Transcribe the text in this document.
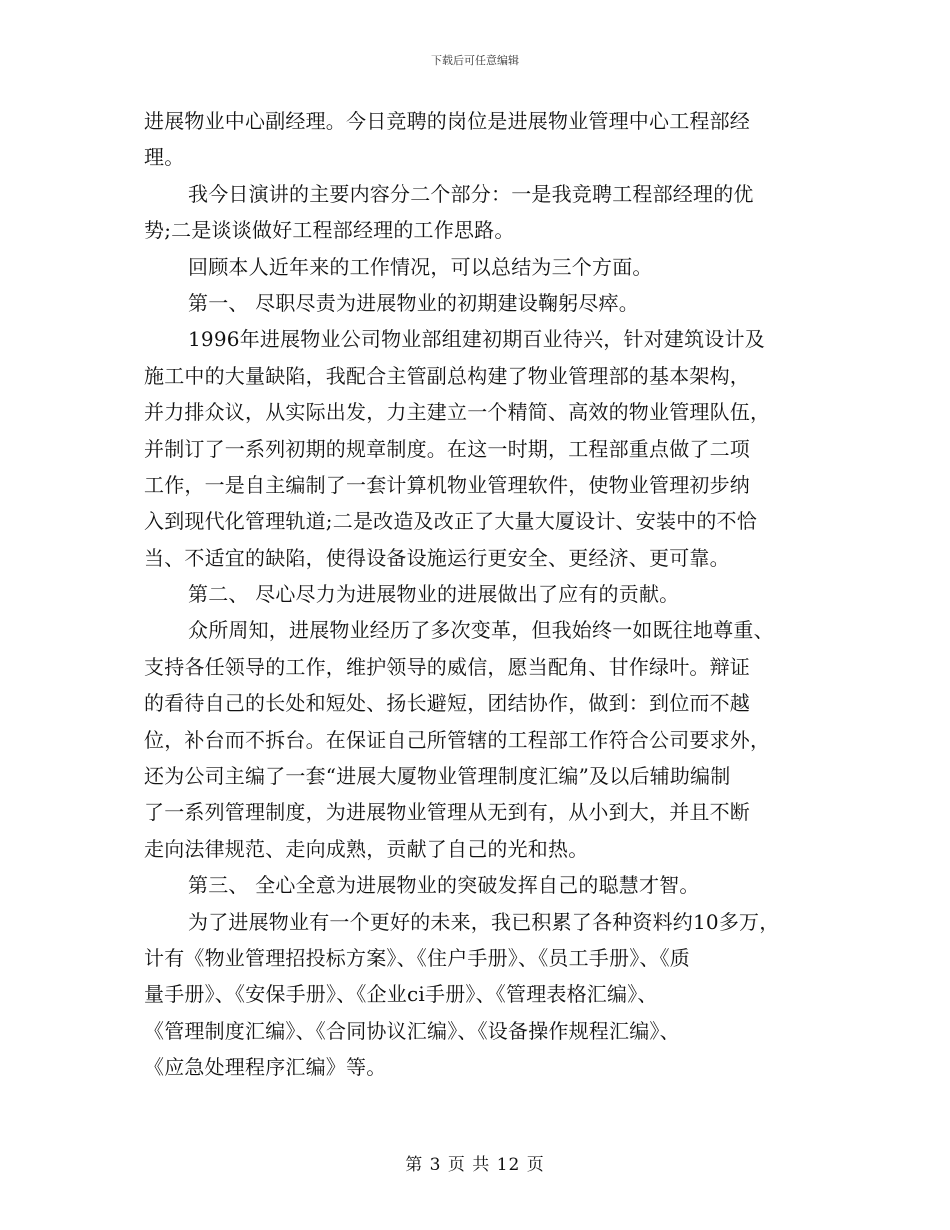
下载后可任意编辑
进展物业中心副经理。今日竞聘的岗位是进展物业管理中心工程部经
理。
我今日演讲的主要内容分二个部分：一是我竞聘工程部经理的优
势;二是谈谈做好工程部经理的工作思路。
回顾本人近年来的工作情况，可以总结为三个方面。
第一、 尽职尽责为进展物业的初期建设鞠躬尽瘁。
1996年进展物业公司物业部组建初期百业待兴，针对建筑设计及
施工中的大量缺陷，我配合主管副总构建了物业管理部的基本架构，
并力排众议，从实际出发，力主建立一个精简、高效的物业管理队伍，
并制订了一系列初期的规章制度。在这一时期，工程部重点做了二项
工作，一是自主编制了一套计算机物业管理软件，使物业管理初步纳
入到现代化管理轨道;二是改造及改正了大量大厦设计、安装中的不恰
当、不适宜的缺陷，使得设备设施运行更安全、更经济、更可靠。
第二、 尽心尽力为进展物业的进展做出了应有的贡献。
众所周知，进展物业经历了多次变革，但我始终一如既往地尊重、
支持各任领导的工作，维护领导的威信，愿当配角、甘作绿叶。辩证
的看待自己的长处和短处、扬长避短，团结协作，做到：到位而不越
位，补台而不拆台。在保证自己所管辖的工程部工作符合公司要求外，
还为公司主编了一套“进展大厦物业管理制度汇编”及以后辅助编制
了一系列管理制度，为进展物业管理从无到有，从小到大，并且不断
走向法律规范、走向成熟，贡献了自己的光和热。
第三、 全心全意为进展物业的突破发挥自己的聪慧才智。
为了进展物业有一个更好的未来，我已积累了各种资料约10多万，
计有《物业管理招投标方案》、《住户手册》、《员工手册》、《质
量手册》、《安保手册》、《企业ci手册》、《管理表格汇编》、
《管理制度汇编》、《合同协议汇编》、《设备操作规程汇编》、
《应急处理程序汇编》等。
第 3 页 共 12 页
